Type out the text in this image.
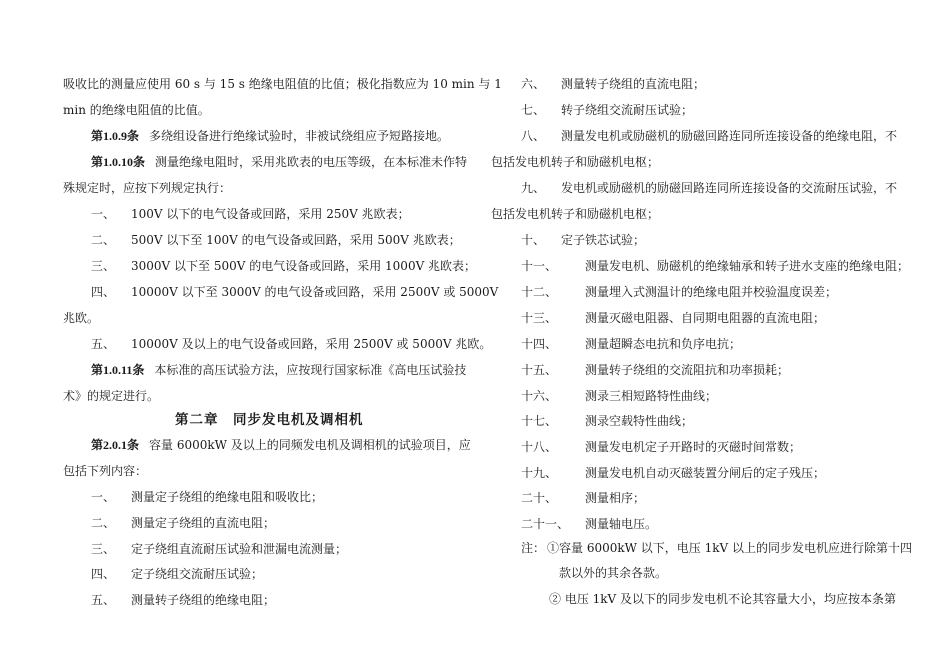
吸收比的测量应使用 60 s 与 15 s 绝缘电阻值的比值；极化指数应为 10 min 与 1
min 的绝缘电阻值的比值。
第1.0.9条 多绕组设备进行绝缘试验时，非被试绕组应予短路接地。
第1.0.10条 测量绝缘电阻时，采用兆欧表的电压等级，在本标准未作特
殊规定时，应按下列规定执行：
一、 100V 以下的电气设备或回路，采用 250V 兆欧表；
二、 500V 以下至 100V 的电气设备或回路，采用 500V 兆欧表；
三、 3000V 以下至 500V 的电气设备或回路，采用 1000V 兆欧表；
四、 10000V 以下至 3000V 的电气设备或回路，采用 2500V 或 5000V
兆欧。
五、 10000V 及以上的电气设备或回路，采用 2500V 或 5000V 兆欧。
第1.0.11条 本标准的高压试验方法，应按现行国家标准《高电压试验技
术》的规定进行。
第二章　同步发电机及调相机
第2.0.1条 容量 6000kW 及以上的同频发电机及调相机的试验项目，应
包括下列内容：
一、 测量定子绕组的绝缘电阻和吸收比；
二、 测量定子绕组的直流电阻；
三、 定子绕组直流耐压试验和泄漏电流测量；
四、 定子绕组交流耐压试验；
五、 测量转子绕组的绝缘电阻；
六、 测量转子绕组的直流电阻；
七、 转子绕组交流耐压试验；
八、 测量发电机或励磁机的励磁回路连同所连接设备的绝缘电阻，不
包括发电机转子和励磁机电枢；
九、 发电机或励磁机的励磁回路连同所连接设备的交流耐压试验，不
包括发电机转子和励磁机电枢；
十、 定子铁芯试验；
十一、 测量发电机、励磁机的绝缘轴承和转子进水支座的绝缘电阻；
十二、 测量埋入式测温计的绝缘电阻并校验温度误差；
十三、 测量灭磁电阻器、自同期电阻器的直流电阻；
十四、 测量超瞬态电抗和负序电抗；
十五、 测量转子绕组的交流阻抗和功率损耗；
十六、 测录三相短路特性曲线；
十七、 测录空载特性曲线；
十八、 测量发电机定子开路时的灭磁时间常数；
十九、 测量发电机自动灭磁装置分闸后的定子残压；
二十、 测量相序；
二十一、 测量轴电压。
注： ①容量 6000kW 以下，电压 1kV 以上的同步发电机应进行除第十四
款以外的其余各款。
② 电压 1kV 及以下的同步发电机不论其容量大小，均应按本条第
